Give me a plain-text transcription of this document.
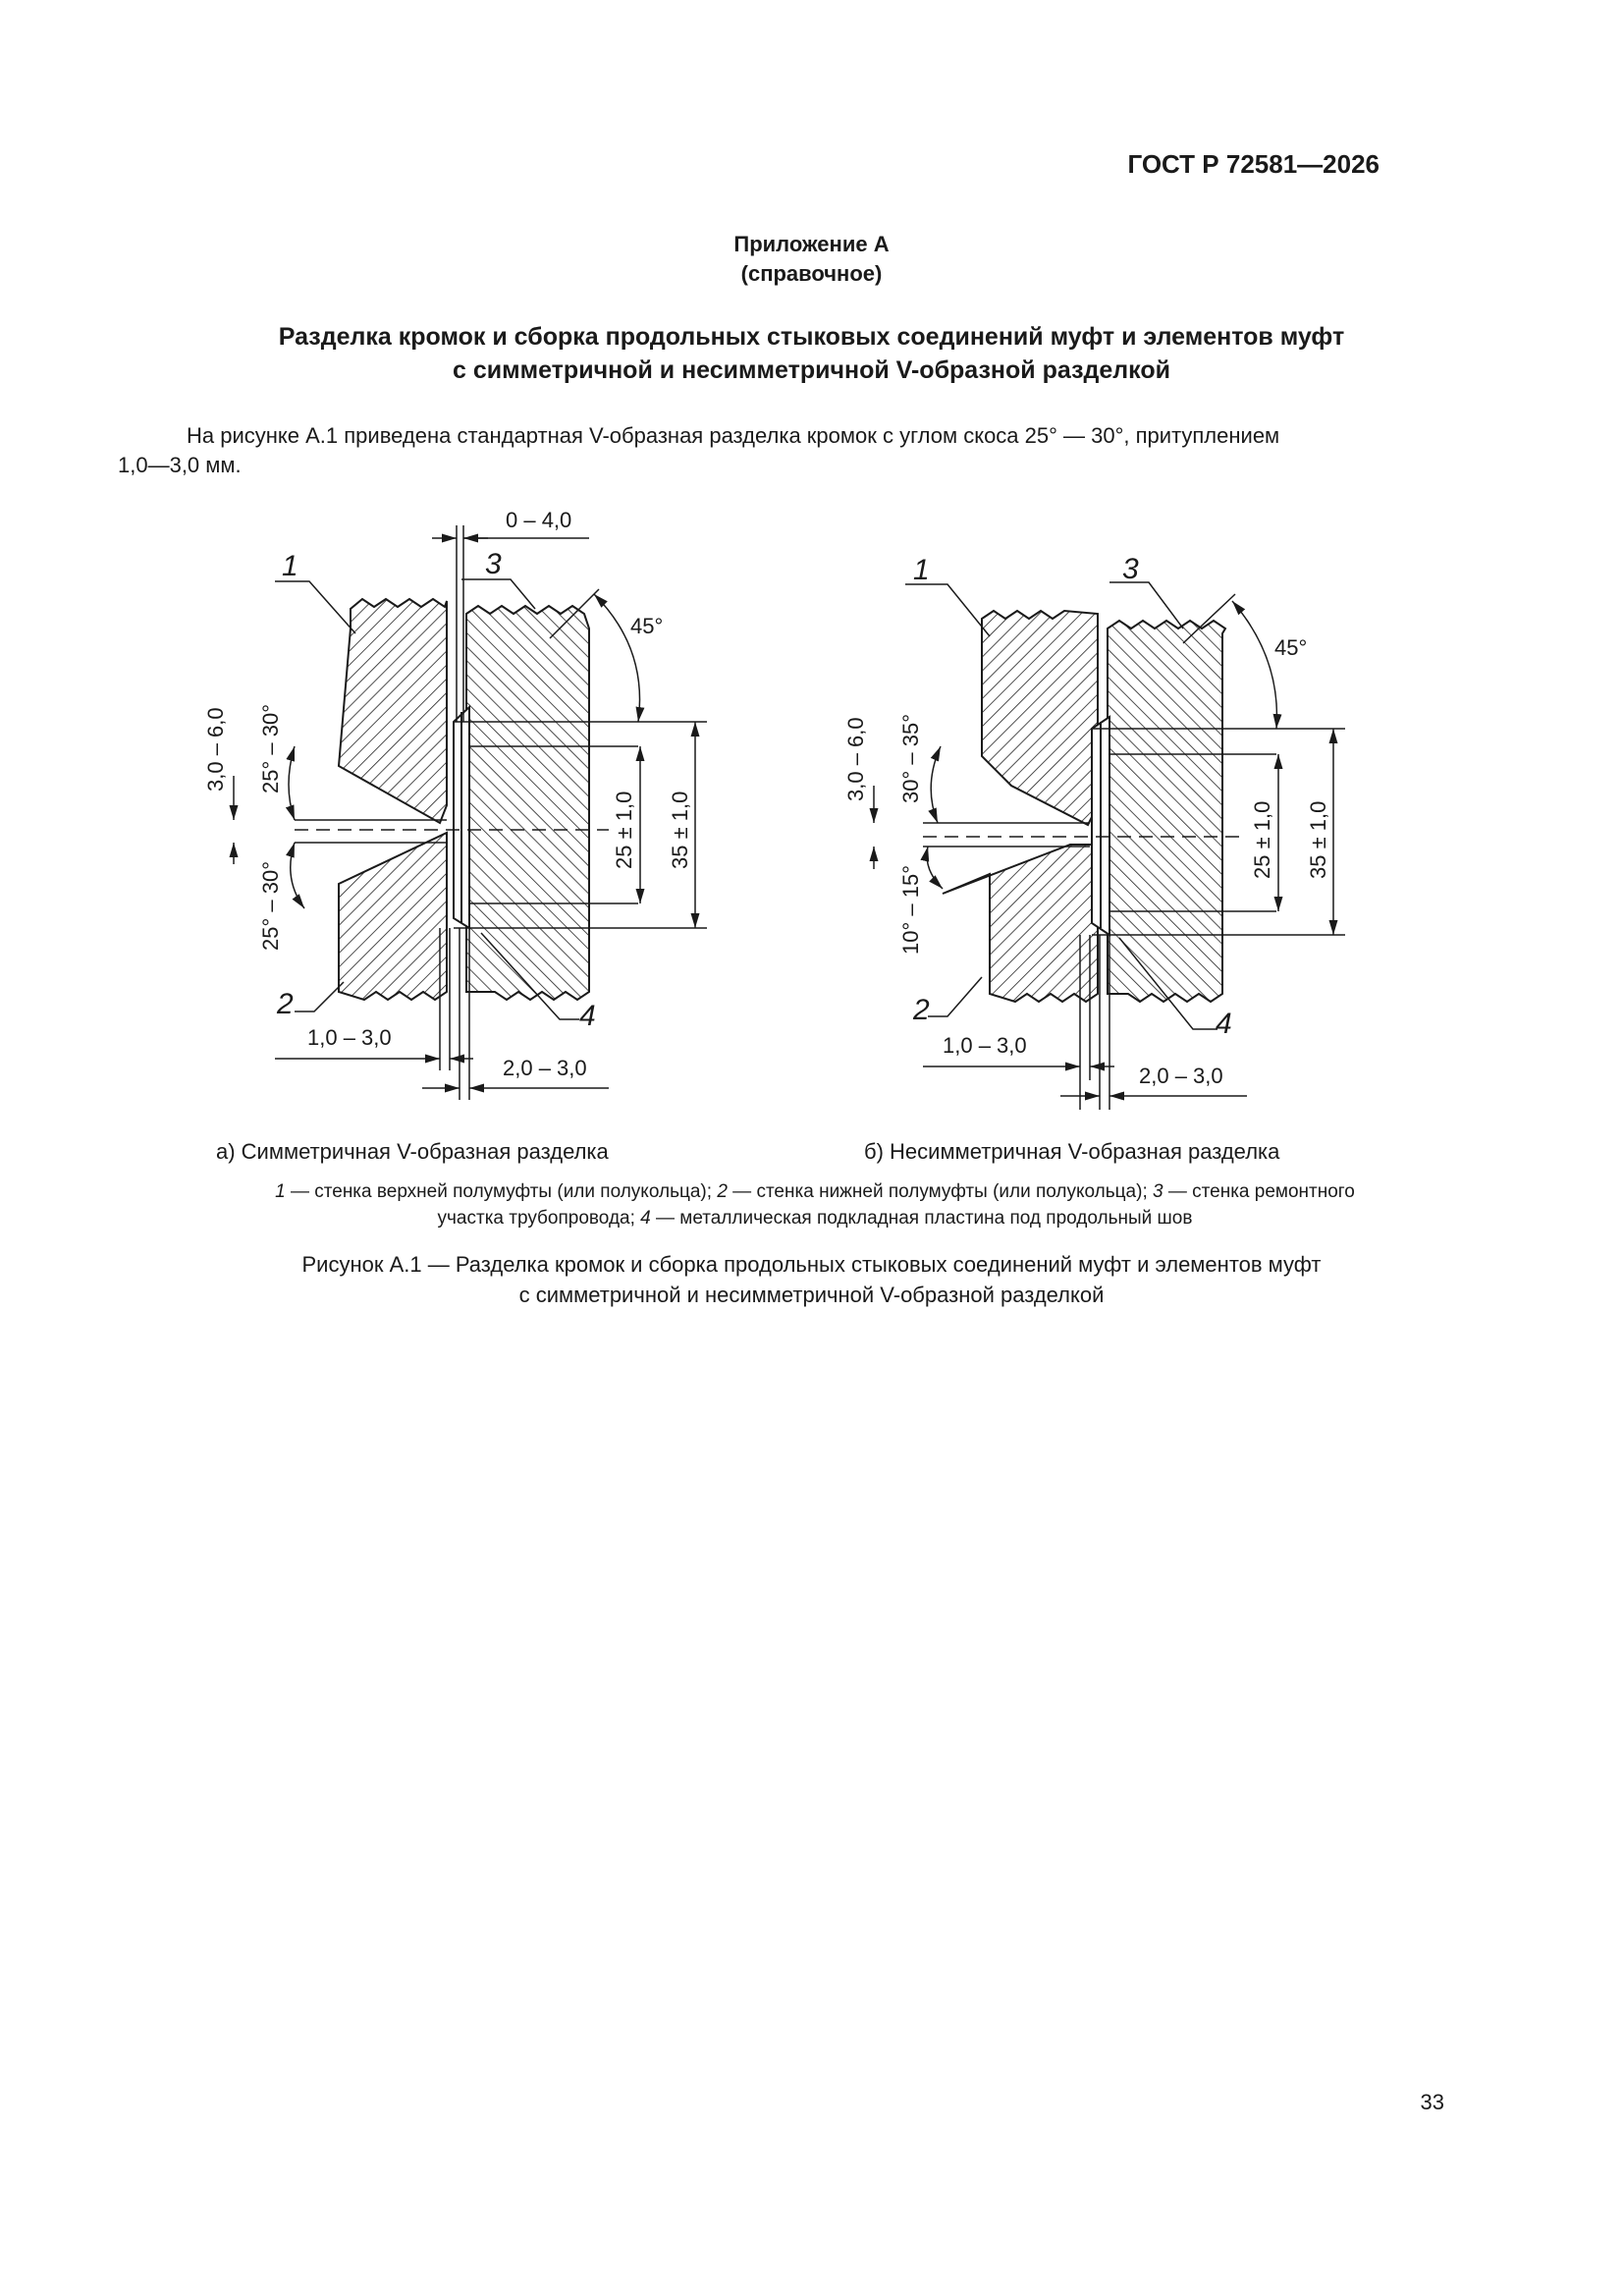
ГОСТ Р 72581—2026
Приложение А
(справочное)
Разделка кромок и сборка продольных стыковых соединений муфт и элементов муфт
с симметричной и несимметричной V-образной разделкой
На рисунке А.1 приведена стандартная V-образная разделка кромок с углом скоса 25° — 30°, притуплением
1,0—3,0 мм.
1	3
2	4
0 – 4,0
45°
3,0 – 6,0 25° – 30°
25° – 30°
25 ± 1,0 35 ± 1,0
1,0 – 3,0
2,0 – 3,0
1	3
2	4
45°
3,0 – 6,0 30° – 35°
10° – 15°
25 ± 1,0 35 ± 1,0
1,0 – 3,0
2,0 – 3,0
а) Симметричная V-образная разделка	б) Несимметричная V-образная разделка
1 — стенка верхней полумуфты (или полукольца); 2 — стенка нижней полумуфты (или полукольца); 3 — стенка ремонтного
участка трубопровода; 4 — металлическая подкладная пластина под продольный шов
Рисунок А.1 — Разделка кромок и сборка продольных стыковых соединений муфт и элементов муфт
с симметричной и несимметричной V-образной разделкой
33
